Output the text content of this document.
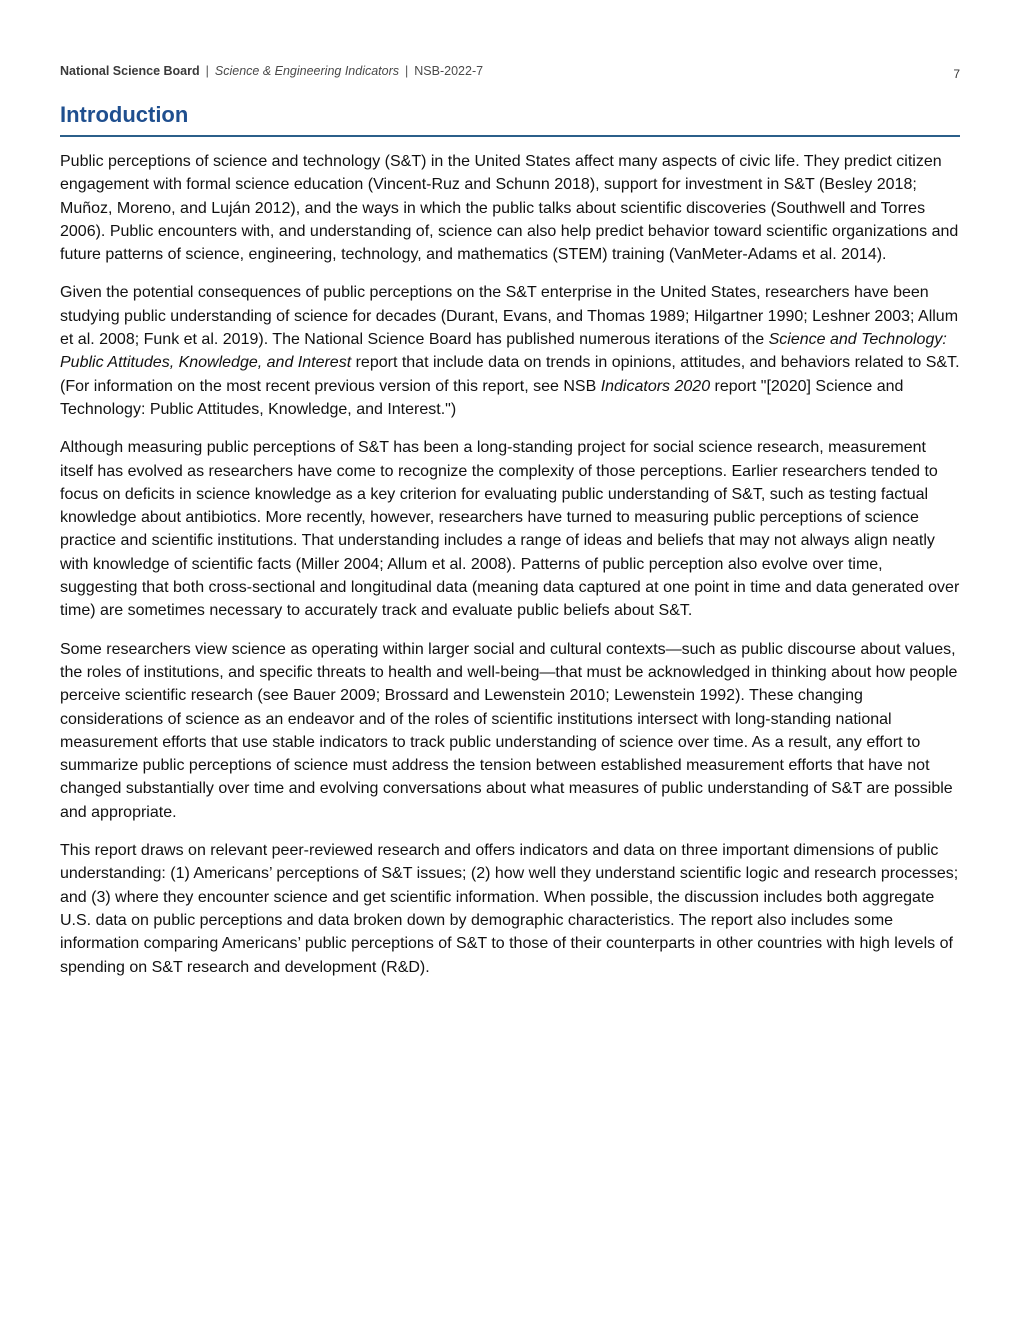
National Science Board | Science & Engineering Indicators | NSB-2022-7	7
Introduction

Public perceptions of science and technology (S&T) in the United States affect many aspects of civic life. They predict citizen engagement with formal science education (Vincent-Ruz and Schunn 2018), support for investment in S&T (Besley 2018; Muñoz, Moreno, and Luján 2012), and the ways in which the public talks about scientific discoveries (Southwell and Torres 2006). Public encounters with, and understanding of, science can also help predict behavior toward scientific organizations and future patterns of science, engineering, technology, and mathematics (STEM) training (VanMeter-Adams et al. 2014).

Given the potential consequences of public perceptions on the S&T enterprise in the United States, researchers have been studying public understanding of science for decades (Durant, Evans, and Thomas 1989; Hilgartner 1990; Leshner 2003; Allum et al. 2008; Funk et al. 2019). The National Science Board has published numerous iterations of the Science and Technology: Public Attitudes, Knowledge, and Interest report that include data on trends in opinions, attitudes, and behaviors related to S&T. (For information on the most recent previous version of this report, see NSB Indicators 2020 report "[2020] Science and Technology: Public Attitudes, Knowledge, and Interest.")

Although measuring public perceptions of S&T has been a long-standing project for social science research, measurement itself has evolved as researchers have come to recognize the complexity of those perceptions. Earlier researchers tended to focus on deficits in science knowledge as a key criterion for evaluating public understanding of S&T, such as testing factual knowledge about antibiotics. More recently, however, researchers have turned to measuring public perceptions of science practice and scientific institutions. That understanding includes a range of ideas and beliefs that may not always align neatly with knowledge of scientific facts (Miller 2004; Allum et al. 2008). Patterns of public perception also evolve over time, suggesting that both cross-sectional and longitudinal data (meaning data captured at one point in time and data generated over time) are sometimes necessary to accurately track and evaluate public beliefs about S&T.

Some researchers view science as operating within larger social and cultural contexts—such as public discourse about values, the roles of institutions, and specific threats to health and well-being—that must be acknowledged in thinking about how people perceive scientific research (see Bauer 2009; Brossard and Lewenstein 2010; Lewenstein 1992). These changing considerations of science as an endeavor and of the roles of scientific institutions intersect with long-standing national measurement efforts that use stable indicators to track public understanding of science over time. As a result, any effort to summarize public perceptions of science must address the tension between established measurement efforts that have not changed substantially over time and evolving conversations about what measures of public understanding of S&T are possible and appropriate.

This report draws on relevant peer-reviewed research and offers indicators and data on three important dimensions of public understanding: (1) Americans’ perceptions of S&T issues; (2) how well they understand scientific logic and research processes; and (3) where they encounter science and get scientific information. When possible, the discussion includes both aggregate U.S. data on public perceptions and data broken down by demographic characteristics. The report also includes some information comparing Americans’ public perceptions of S&T to those of their counterparts in other countries with high levels of spending on S&T research and development (R&D).
